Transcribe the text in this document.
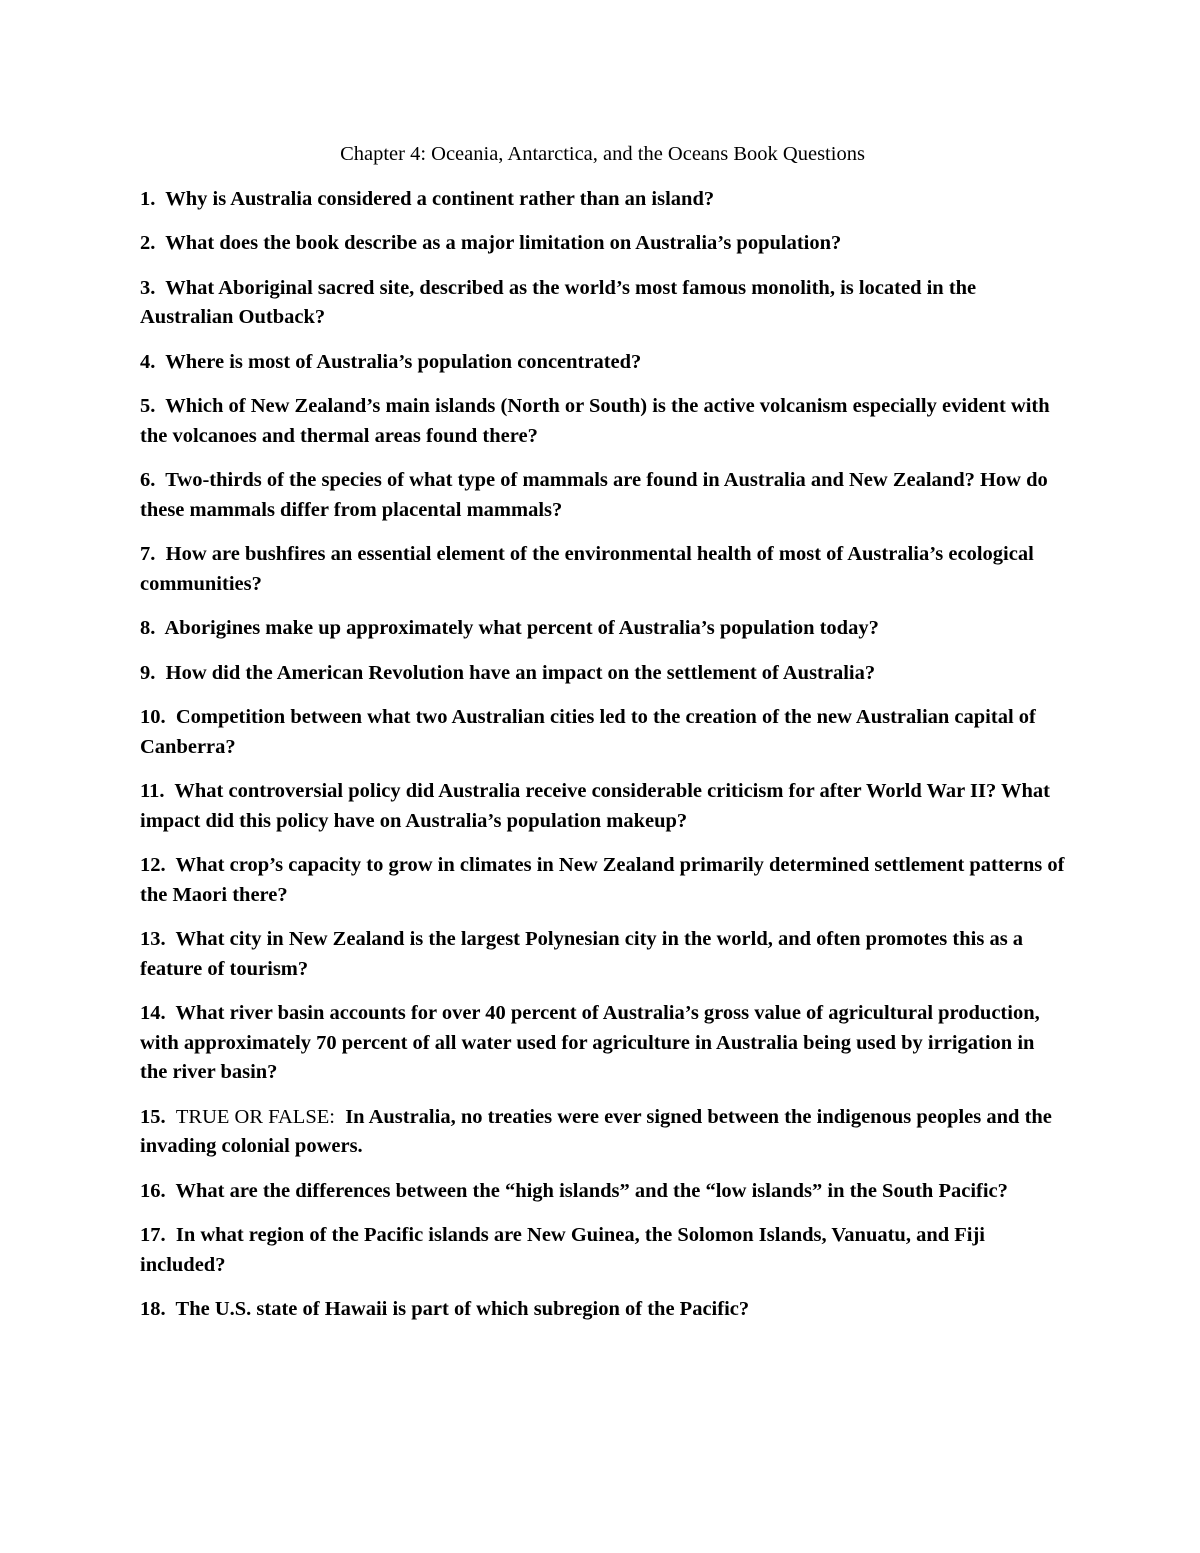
Chapter 4: Oceania, Antarctica, and the Oceans Book Questions

1. Why is Australia considered a continent rather than an island?

2. What does the book describe as a major limitation on Australia’s population?

3. What Aboriginal sacred site, described as the world’s most famous monolith, is located in the Australian Outback?

4. Where is most of Australia’s population concentrated?

5. Which of New Zealand’s main islands (North or South) is the active volcanism especially evident with the volcanoes and thermal areas found there?

6. Two-thirds of the species of what type of mammals are found in Australia and New Zealand? How do these mammals differ from placental mammals?

7. How are bushfires an essential element of the environmental health of most of Australia’s ecological communities?

8. Aborigines make up approximately what percent of Australia’s population today?

9. How did the American Revolution have an impact on the settlement of Australia?

10. Competition between what two Australian cities led to the creation of the new Australian capital of Canberra?

11. What controversial policy did Australia receive considerable criticism for after World War II? What impact did this policy have on Australia’s population makeup?

12. What crop’s capacity to grow in climates in New Zealand primarily determined settlement patterns of the Maori there?

13. What city in New Zealand is the largest Polynesian city in the world, and often promotes this as a feature of tourism?

14. What river basin accounts for over 40 percent of Australia’s gross value of agricultural production, with approximately 70 percent of all water used for agriculture in Australia being used by irrigation in the river basin?

15. TRUE OR FALSE: In Australia, no treaties were ever signed between the indigenous peoples and the invading colonial powers.

16. What are the differences between the “high islands” and the “low islands” in the South Pacific?

17. In what region of the Pacific islands are New Guinea, the Solomon Islands, Vanuatu, and Fiji included?

18. The U.S. state of Hawaii is part of which subregion of the Pacific?
